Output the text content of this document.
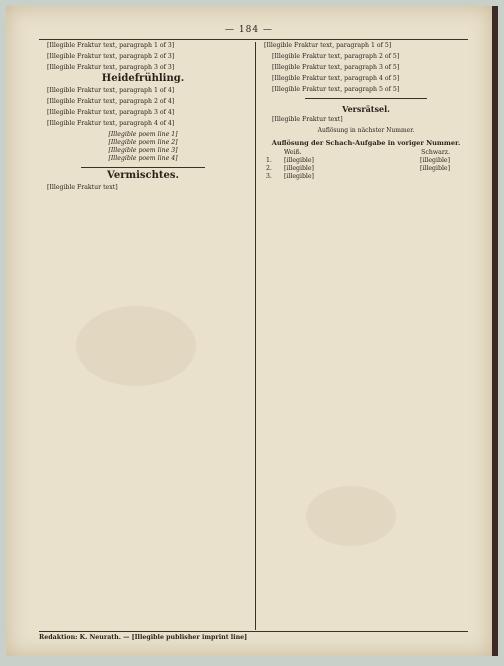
— 184 —

[Illegible Fraktur text, paragraph 1 of 3]

[Illegible Fraktur text, paragraph 2 of 3]

[Illegible Fraktur text, paragraph 3 of 3]

Heidefrühling.

[Illegible Fraktur text, paragraph 1 of 4]

[Illegible Fraktur text, paragraph 2 of 4]

[Illegible Fraktur text, paragraph 3 of 4]

[Illegible Fraktur text, paragraph 4 of 4]

[Illegible poem line 1]
[Illegible poem line 2]
[Illegible poem line 3]
[Illegible poem line 4]
Vermischtes.

[Illegible Fraktur text]

[Illegible Fraktur text, paragraph 1 of 5]

[Illegible Fraktur text, paragraph 2 of 5]

[Illegible Fraktur text, paragraph 3 of 5]

[Illegible Fraktur text, paragraph 4 of 5]

[Illegible Fraktur text, paragraph 5 of 5]

Versrätsel.

[Illegible Fraktur text]

Auflösung in nächster Nummer.
Auflösung der Schach-Aufgabe in voriger Nummer.
	Weiß.	Schwarz.
1.	[illegible]	[illegible]
2.	[illegible]	[illegible]
3.	[illegible]	
Redaktion: K. Neurath. — [Illegible publisher imprint line]
